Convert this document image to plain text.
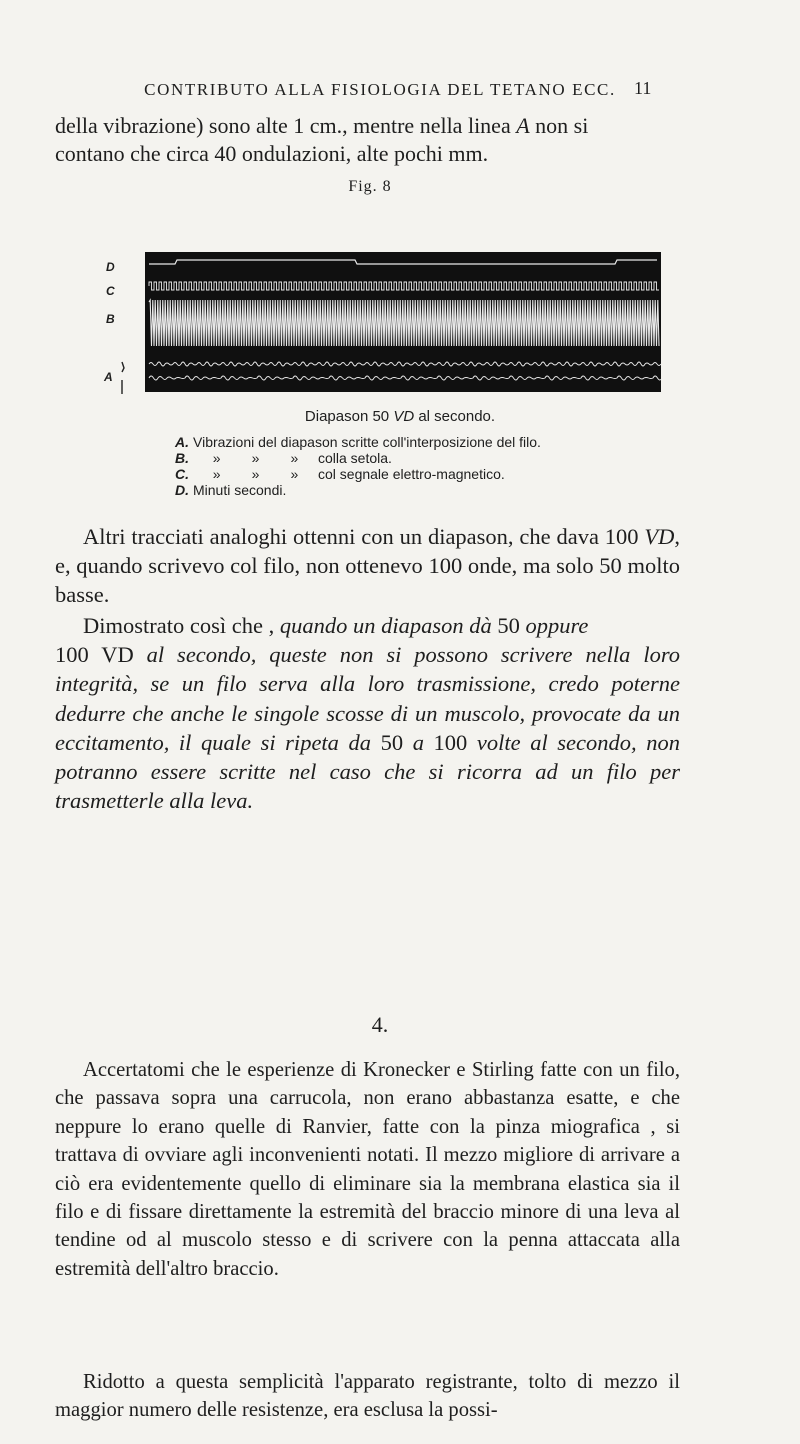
CONTRIBUTO ALLA FISIOLOGIA DEL TETANO ECC.	11

della vibrazione) sono alte 1 cm., mentre nella linea A non si
contano che circa 40 ondulazioni, alte pochi mm.

Fig. 8
D
C
B
A
Diapason 50 VD al secondo.
A. Vibrazioni del diapason scritte coll'interposizione del filo.
B. »        »        » colla setola.
C. »        »        » col segnale elettro-magnetico.
D. Minuti secondi.

Altri tracciati analoghi ottenni con un diapason, che dava 100 VD, e, quando scrivevo col filo, non ottenevo 100 onde, ma solo 50 molto basse.

Dimostrato così che , quando un diapason dà 50 oppure
100 VD al secondo, queste non si possono scrivere nella loro integrità, se un filo serva alla loro trasmissione, credo poterne dedurre che anche le singole scosse di un muscolo, provocate da un eccitamento, il quale si ripeta da 50 a 100 volte al secondo, non potranno essere scritte nel caso che si ricorra ad un filo per trasmetterle alla leva.

4.

Accertatomi che le esperienze di Kronecker e Stirling fatte con un filo, che passava sopra una carrucola, non erano abbastanza esatte, e che neppure lo erano quelle di Ranvier, fatte con la pinza miografica , si trattava di ovviare agli inconvenienti notati. Il mezzo migliore di arrivare a ciò era evidentemente quello di eliminare sia la membrana elastica sia il filo e di fissare direttamente la estremità del braccio minore di una leva al tendine od al muscolo stesso e di scrivere con la penna attaccata alla estremità dell'altro braccio.

Ridotto a questa semplicità l'apparato registrante, tolto di mezzo il maggior numero delle resistenze, era esclusa la possi-
